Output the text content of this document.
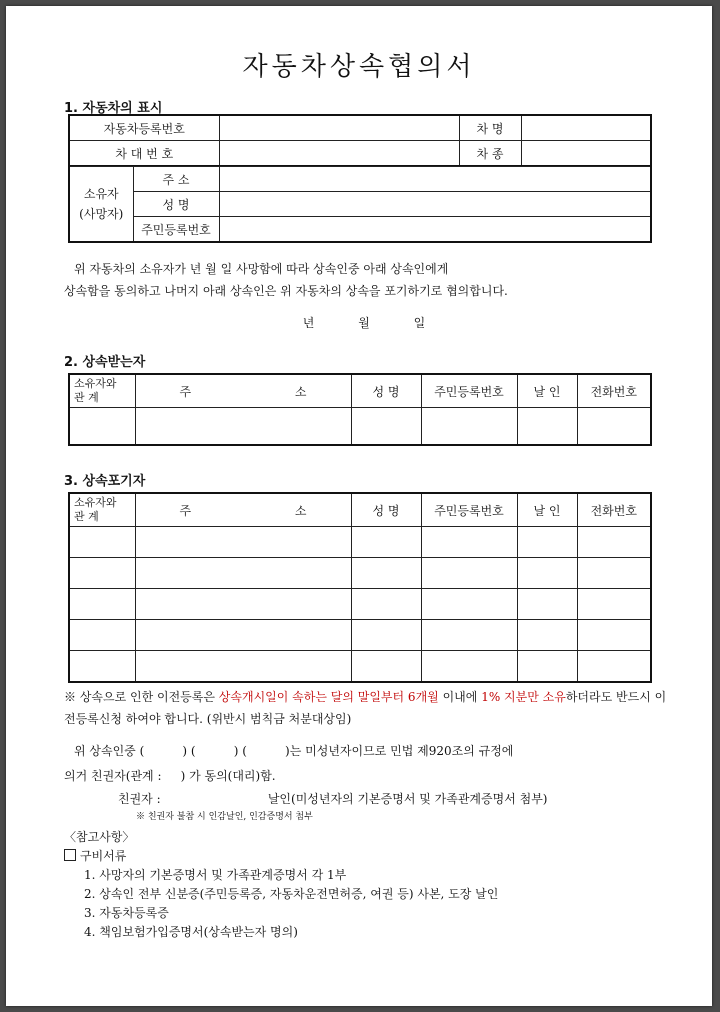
자동차상속협의서
1. 자동차의 표시
자동차등록번호		차 명	
차 대 번 호		차 종	
소유자
(사망자)	주 소	
	성 명	
	주민등록번호	
위 자동차의 소유자가 년 월 일 사망함에 따라 상속인중 아래 상속인에게
상속함을 동의하고 나머지 아래 상속인은 위 자동차의 상속을 포기하기로 협의합니다.
년 월 일
2. 상속받는자
소유자와
관 계	주 소	성 명	주민등록번호	날 인	전화번호

3. 상속포기자
소유자와
관 계	주 소	성 명	주민등록번호	날 인	전화번호

※ 상속으로 인한 이전등록은 상속개시일이 속하는 달의 말일부터 6개월 이내에 1% 지분만 소유하더라도 반드시 이전등록신청 하여야 합니다. (위반시 범칙금 처분대상임)
위 상속인중 (          ) (          ) (          )는 미성년자이므로 민법 제920조의 규정에
의거 친권자(관계 :     ) 가 동의(대리)함.
친권자 :	날인(미성년자의 기본증명서 및 가족관계증명서 첨부)
※ 친권자 불참 시 인감날인, 인감증명서 첨부
〈참고사항〉
구비서류
1. 사망자의 기본증명서 및 가족관계증명서 각 1부
2. 상속인 전부 신분증(주민등록증, 자동차운전면허증, 여권 등) 사본, 도장 날인
3. 자동차등록증
4. 책임보험가입증명서(상속받는자 명의)
